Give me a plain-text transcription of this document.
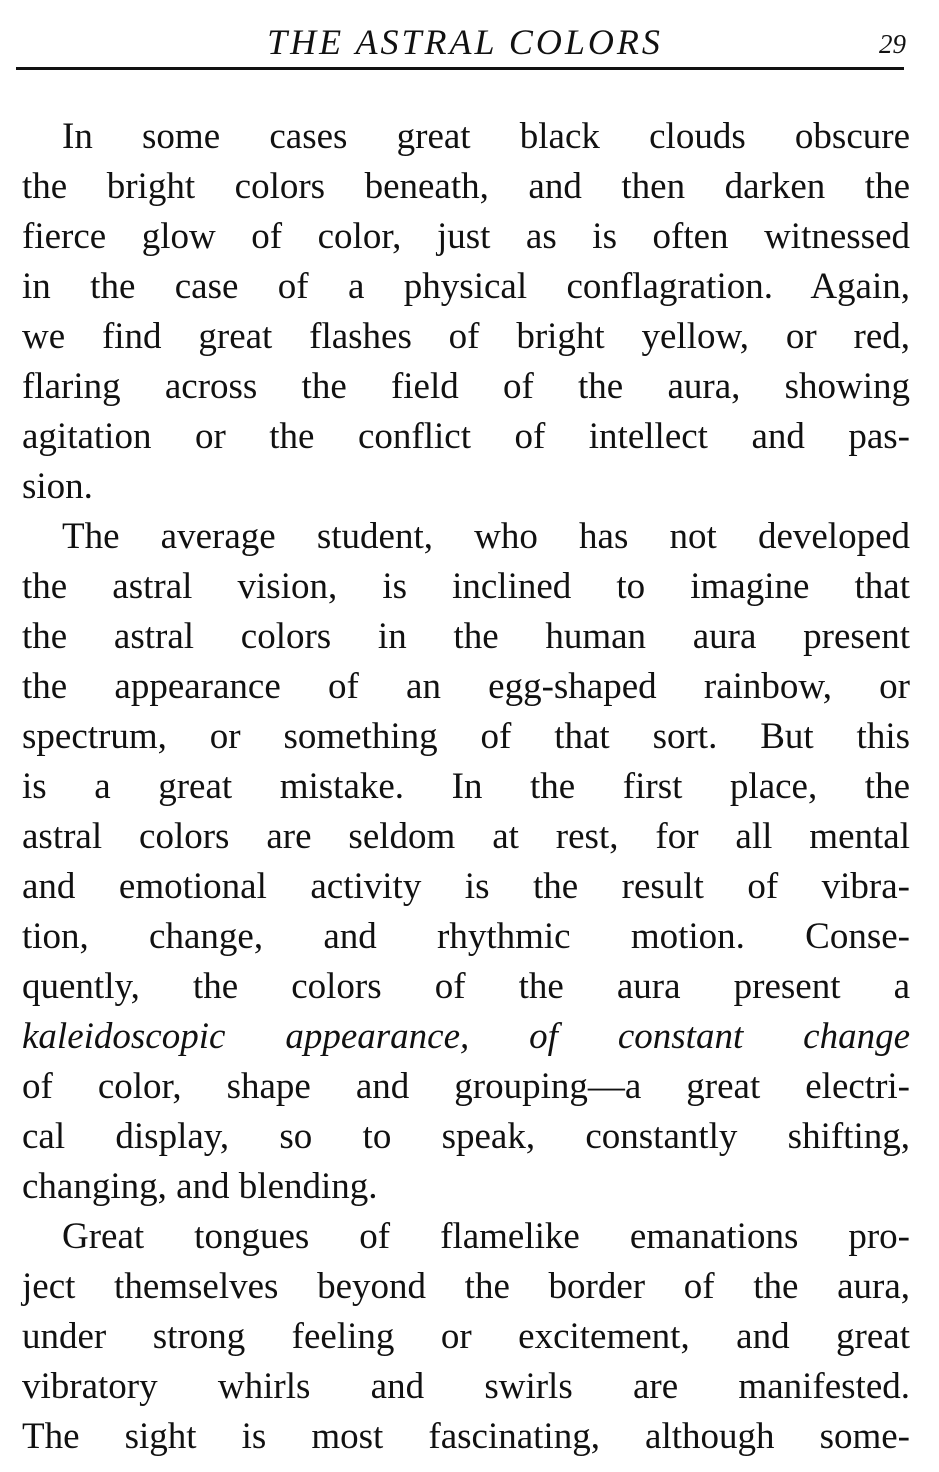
THE ASTRAL COLORS	29
In some cases great black clouds obscure
the bright colors beneath, and then darken the
fierce glow of color, just as is often witnessed
in the case of a physical conflagration. Again,
we find great flashes of bright yellow, or red,
flaring across the field of the aura, showing
agitation or the conflict of intellect and pas-
sion.
The average student, who has not developed
the astral vision, is inclined to imagine that
the astral colors in the human aura present
the appearance of an egg-shaped rainbow, or
spectrum, or something of that sort. But this
is a great mistake. In the first place, the
astral colors are seldom at rest, for all mental
and emotional activity is the result of vibra-
tion, change, and rhythmic motion. Conse-
quently, the colors of the aura present a
kaleidoscopic appearance, of constant change
of color, shape and grouping—a great electri-
cal display, so to speak, constantly shifting,
changing, and blending.
Great tongues of flamelike emanations pro-
ject themselves beyond the border of the aura,
under strong feeling or excitement, and great
vibratory whirls and swirls are manifested.
The sight is most fascinating, although some-
